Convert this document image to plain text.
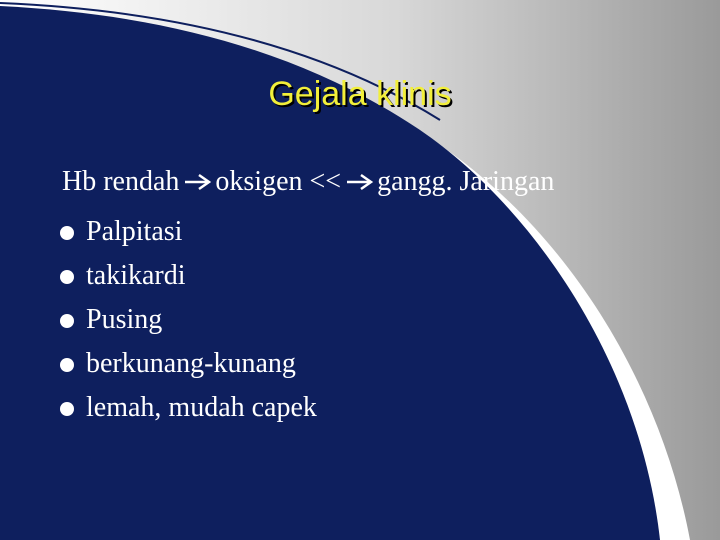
Gejala klinis
Hb rendah oksigen << gangg. Jaringan
Palpitasi
takikardi
Pusing
berkunang-kunang
lemah, mudah capek
